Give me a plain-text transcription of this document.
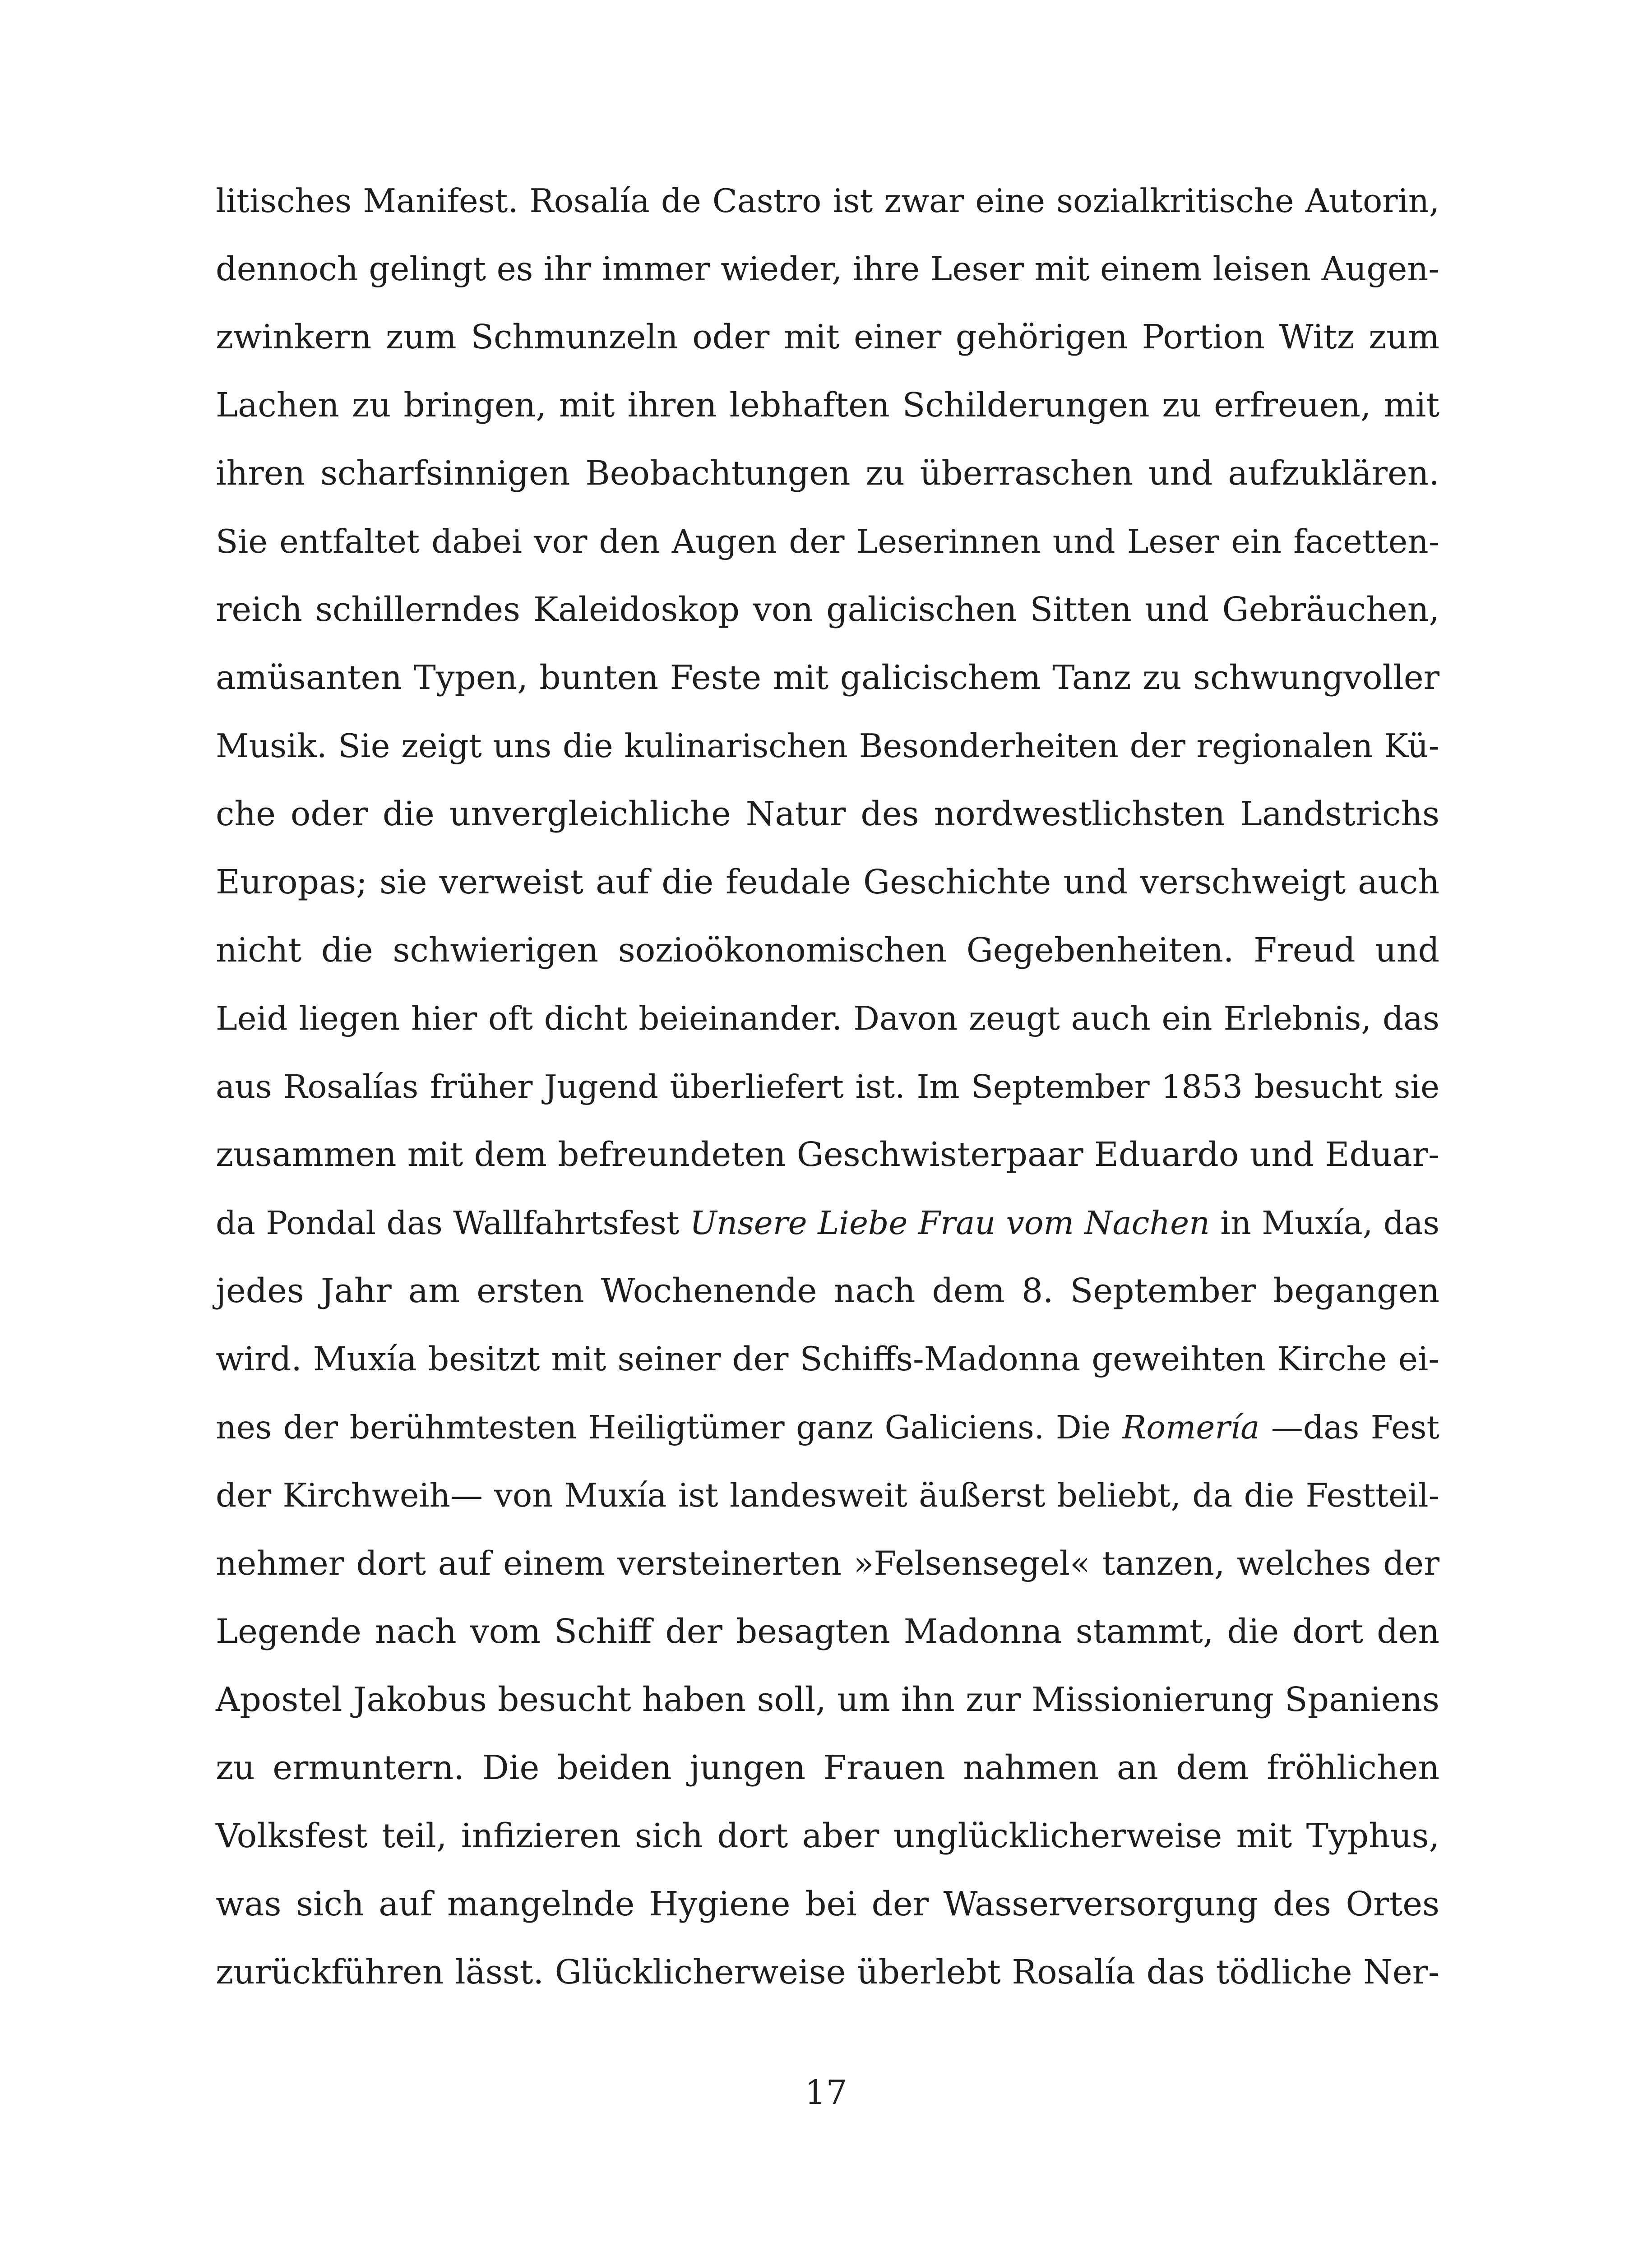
litisches Manifest. Rosalía de Castro ist zwar eine sozialkritische Autorin,
dennoch gelingt es ihr immer wieder, ihre Leser mit einem leisen Augen-
zwinkern zum Schmunzeln oder mit einer gehörigen Portion Witz zum
Lachen zu bringen, mit ihren lebhaften Schilderungen zu erfreuen, mit
ihren scharfsinnigen Beobachtungen zu überraschen und aufzuklären.
Sie entfaltet dabei vor den Augen der Leserinnen und Leser ein facetten-
reich schillerndes Kaleidoskop von galicischen Sitten und Gebräuchen,
amüsanten Typen, bunten Feste mit galicischem Tanz zu schwungvoller
Musik. Sie zeigt uns die kulinarischen Besonderheiten der regionalen Kü-
che oder die unvergleichliche Natur des nordwestlichsten Landstrichs
Europas; sie verweist auf die feudale Geschichte und verschweigt auch
nicht die schwierigen sozioökonomischen Gegebenheiten. Freud und
Leid liegen hier oft dicht beieinander. Davon zeugt auch ein Erlebnis, das
aus Rosalías früher Jugend überliefert ist. Im September 1853 besucht sie
zusammen mit dem befreundeten Geschwisterpaar Eduardo und Eduar-
da Pondal das Wallfahrtsfest Unsere Liebe Frau vom Nachen in Muxía, das
jedes Jahr am ersten Wochenende nach dem 8. September begangen
wird. Muxía besitzt mit seiner der Schiffs-Madonna geweihten Kirche ei-
nes der berühmtesten Heiligtümer ganz Galiciens. Die Romería —das Fest
der Kirchweih— von Muxía ist landesweit äußerst beliebt, da die Festteil-
nehmer dort auf einem versteinerten »Felsensegel« tanzen, welches der
Legende nach vom Schiff der besagten Madonna stammt, die dort den
Apostel Jakobus besucht haben soll, um ihn zur Missionierung Spaniens
zu ermuntern. Die beiden jungen Frauen nahmen an dem fröhlichen
Volksfest teil, infizieren sich dort aber unglücklicherweise mit Typhus,
was sich auf mangelnde Hygiene bei der Wasserversorgung des Ortes
zurückführen lässt. Glücklicherweise überlebt Rosalía das tödliche Ner-
17
